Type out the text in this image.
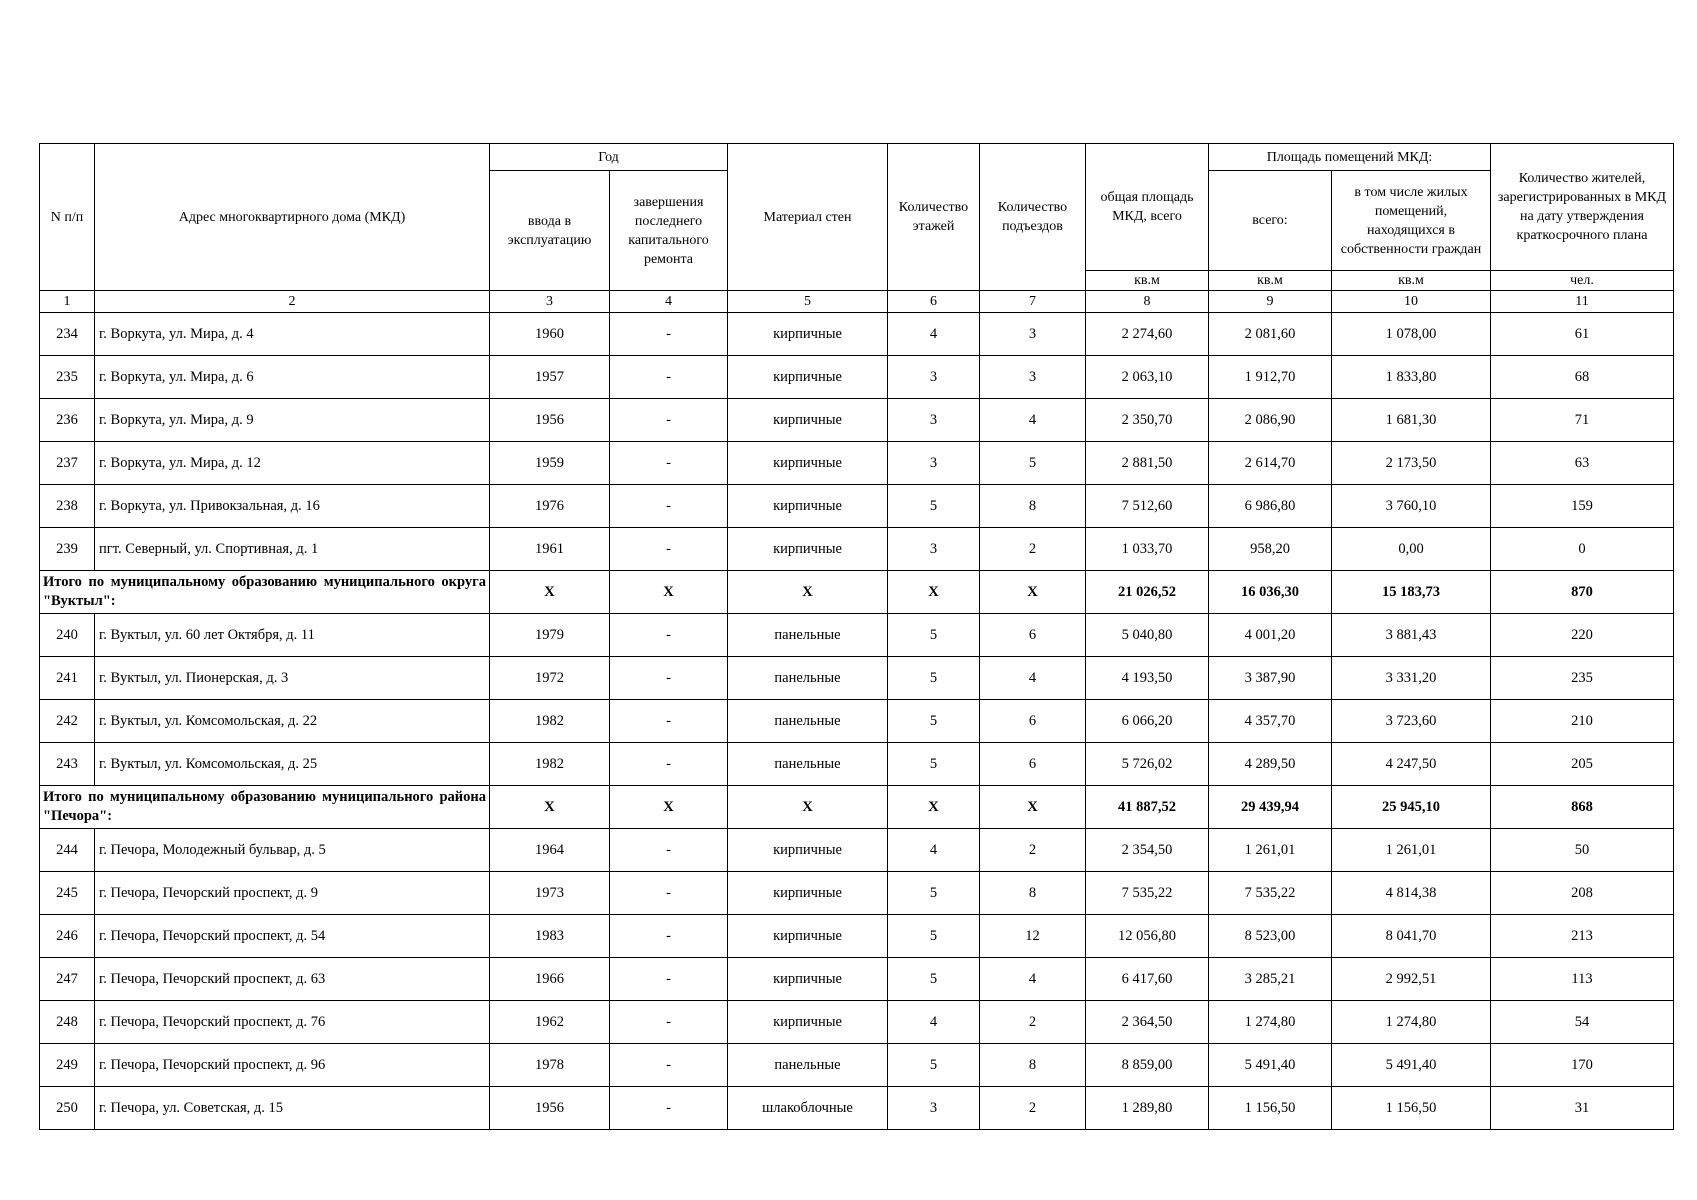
N п/п	Адрес многоквартирного дома (МКД)	Год		Материал стен	Количество этажей	Количество подъездов	общая площадь МКД, всего	Площадь помещений МКД:		Количество жителей, зарегистрированных в МКД на дату утверждения краткосрочного плана
		ввода в эксплуатацию	завершения последнего капитального ремонта					всего:	в том числе жилых помещений, находящихся в собственности граждан	
							кв.м	кв.м	кв.м	чел.
1	2	3	4	5	6	7	8	9	10	11
234	г. Воркута, ул. Мира, д. 4	1960	-	кирпичные	4	3	2 274,60	2 081,60	1 078,00	61
235	г. Воркута, ул. Мира, д. 6	1957	-	кирпичные	3	3	2 063,10	1 912,70	1 833,80	68
236	г. Воркута, ул. Мира, д. 9	1956	-	кирпичные	3	4	2 350,70	2 086,90	1 681,30	71
237	г. Воркута, ул. Мира, д. 12	1959	-	кирпичные	3	5	2 881,50	2 614,70	2 173,50	63
238	г. Воркута, ул. Привокзальная, д. 16	1976	-	кирпичные	5	8	7 512,60	6 986,80	3 760,10	159
239	пгт. Северный, ул. Спортивная, д. 1	1961	-	кирпичные	3	2	1 033,70	958,20	0,00	0
Итого по муниципальному образованию муниципального округа "Вуктыл":		X	X	X	X	X	21 026,52	16 036,30	15 183,73	870
240	г. Вуктыл, ул. 60 лет Октября, д. 11	1979	-	панельные	5	6	5 040,80	4 001,20	3 881,43	220
241	г. Вуктыл, ул. Пионерская, д. 3	1972	-	панельные	5	4	4 193,50	3 387,90	3 331,20	235
242	г. Вуктыл, ул. Комсомольская, д. 22	1982	-	панельные	5	6	6 066,20	4 357,70	3 723,60	210
243	г. Вуктыл, ул. Комсомольская, д. 25	1982	-	панельные	5	6	5 726,02	4 289,50	4 247,50	205
Итого по муниципальному образованию муниципального района "Печора":		X	X	X	X	X	41 887,52	29 439,94	25 945,10	868
244	г. Печора, Молодежный бульвар, д. 5	1964	-	кирпичные	4	2	2 354,50	1 261,01	1 261,01	50
245	г. Печора, Печорский проспект, д. 9	1973	-	кирпичные	5	8	7 535,22	7 535,22	4 814,38	208
246	г. Печора, Печорский проспект, д. 54	1983	-	кирпичные	5	12	12 056,80	8 523,00	8 041,70	213
247	г. Печора, Печорский проспект, д. 63	1966	-	кирпичные	5	4	6 417,60	3 285,21	2 992,51	113
248	г. Печора, Печорский проспект, д. 76	1962	-	кирпичные	4	2	2 364,50	1 274,80	1 274,80	54
249	г. Печора, Печорский проспект, д. 96	1978	-	панельные	5	8	8 859,00	5 491,40	5 491,40	170
250	г. Печора, ул. Советская, д. 15	1956	-	шлакоблочные	3	2	1 289,80	1 156,50	1 156,50	31
